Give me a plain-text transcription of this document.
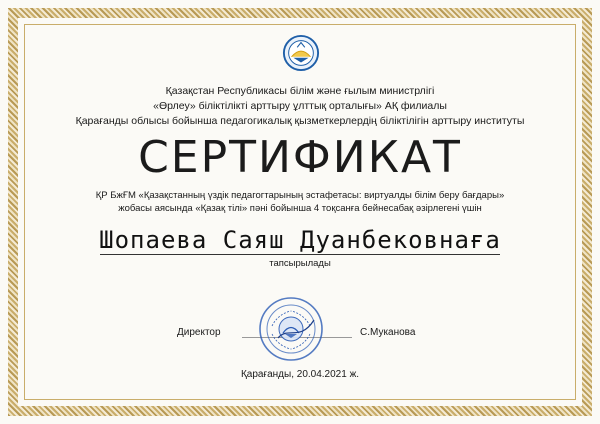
Қазақстан Республикасы білім және ғылым министрлігі
«Өрлеу» біліктілікті арттыру ұлттық орталығы» АҚ филиалы
Қарағанды облысы бойынша педагогикалық қызметкерлердің біліктілігін арттыру институты
СЕРТИФИКАТ
ҚР БжҒМ «Қазақстанның үздік педагогтарының эстафетасы: виртуалды білім беру бағдары»
жобасы аясында «Қазақ тілі» пәні бойынша 4 тоқсанға бейнесабақ әзірлегені үшін
Шопаева Саяш Дуанбековнаға
тапсырылады
Директор	С.Муканова
Қарағанды, 20.04.2021 ж.
